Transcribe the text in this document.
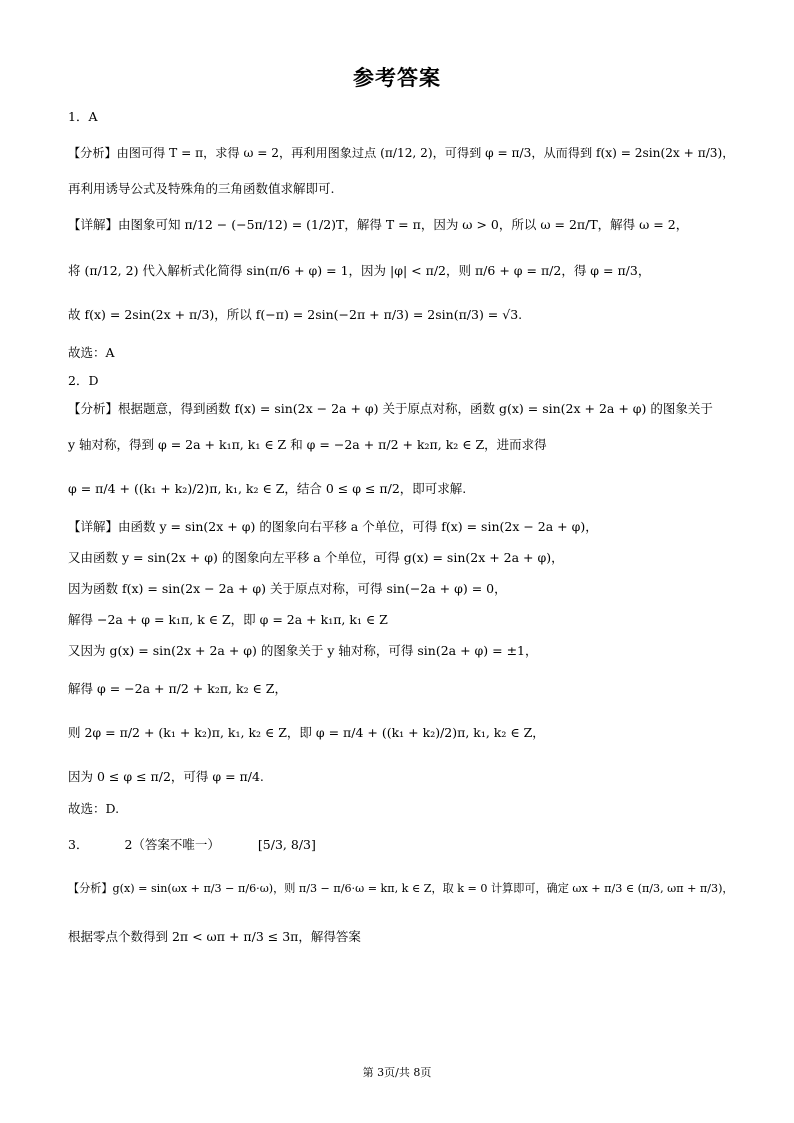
参考答案
1．A
【分析】由图可得 T = π，求得 ω = 2，再利用图象过点 (π/12, 2)，可得到 φ = π/3，从而得到 f(x) = 2sin(2x + π/3)，
再利用诱导公式及特殊角的三角函数值求解即可.
【详解】由图象可知 π/12 − (−5π/12) = (1/2)T，解得 T = π，因为 ω > 0，所以 ω = 2π/T，解得 ω = 2，
将 (π/12, 2) 代入解析式化简得 sin(π/6 + φ) = 1，因为 |φ| < π/2，则 π/6 + φ = π/2，得 φ = π/3，
故 f(x) = 2sin(2x + π/3)，所以 f(−π) = 2sin(−2π + π/3) = 2sin(π/3) = √3.
故选：A
2．D
【分析】根据题意，得到函数 f(x) = sin(2x − 2a + φ) 关于原点对称，函数 g(x) = sin(2x + 2a + φ) 的图象关于
y 轴对称，得到 φ = 2a + k₁π, k₁ ∈ Z 和 φ = −2a + π/2 + k₂π, k₂ ∈ Z，进而求得
φ = π/4 + ((k₁ + k₂)/2)π, k₁, k₂ ∈ Z，结合 0 ≤ φ ≤ π/2，即可求解.
【详解】由函数 y = sin(2x + φ) 的图象向右平移 a 个单位，可得 f(x) = sin(2x − 2a + φ)，
又由函数 y = sin(2x + φ) 的图象向左平移 a 个单位，可得 g(x) = sin(2x + 2a + φ)，
因为函数 f(x) = sin(2x − 2a + φ) 关于原点对称，可得 sin(−2a + φ) = 0，
解得 −2a + φ = k₁π, k ∈ Z，即 φ = 2a + k₁π, k₁ ∈ Z
又因为 g(x) = sin(2x + 2a + φ) 的图象关于 y 轴对称，可得 sin(2a + φ) = ±1，
解得 φ = −2a + π/2 + k₂π, k₂ ∈ Z，
则 2φ = π/2 + (k₁ + k₂)π, k₁, k₂ ∈ Z，即 φ = π/4 + ((k₁ + k₂)/2)π, k₁, k₂ ∈ Z，
因为 0 ≤ φ ≤ π/2，可得 φ = π/4.
故选：D.
3．	2（答案不唯一）	[5/3, 8/3]
【分析】g(x) = sin(ωx + π/3 − π/6·ω)，则 π/3 − π/6·ω = kπ, k ∈ Z，取 k = 0 计算即可，确定 ωx + π/3 ∈ (π/3, ωπ + π/3)，
根据零点个数得到 2π < ωπ + π/3 ≤ 3π，解得答案
第 3页/共 8页
